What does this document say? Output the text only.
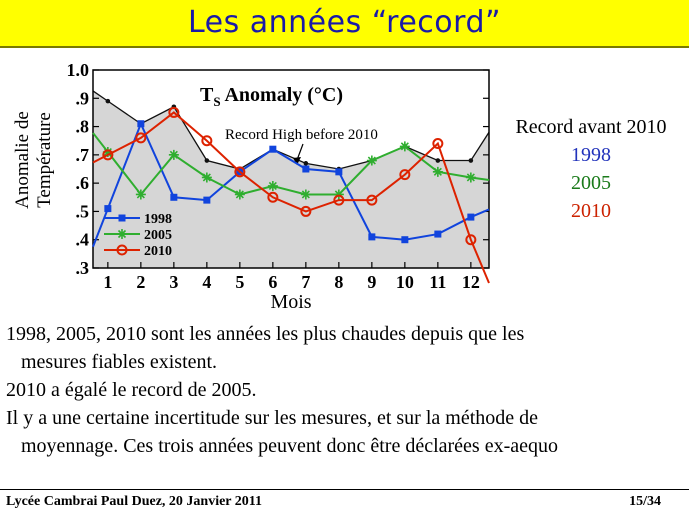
Les années “record”
Anomalie de
Température
.3
.4
.5
.6
.7
.8
.9
1.0
1 2 3 4 5 6 7 8 9 10 11 12
Mois
$T_S$ Anomaly (°C)
Record High before 2010
1998
2005
2010
Record avant 2010
1998
2005
2010

1998, 2005, 2010 sont les années les plus chaudes depuis que les

mesures fiables existent.

2010 a égalé le record de 2005.

Il y a une certaine incertitude sur les mesures, et sur la méthode de

moyennage. Ces trois années peuvent donc être déclarées ex-aequo

Lycée Cambrai Paul Duez, 20 Janvier 2011	15/34
